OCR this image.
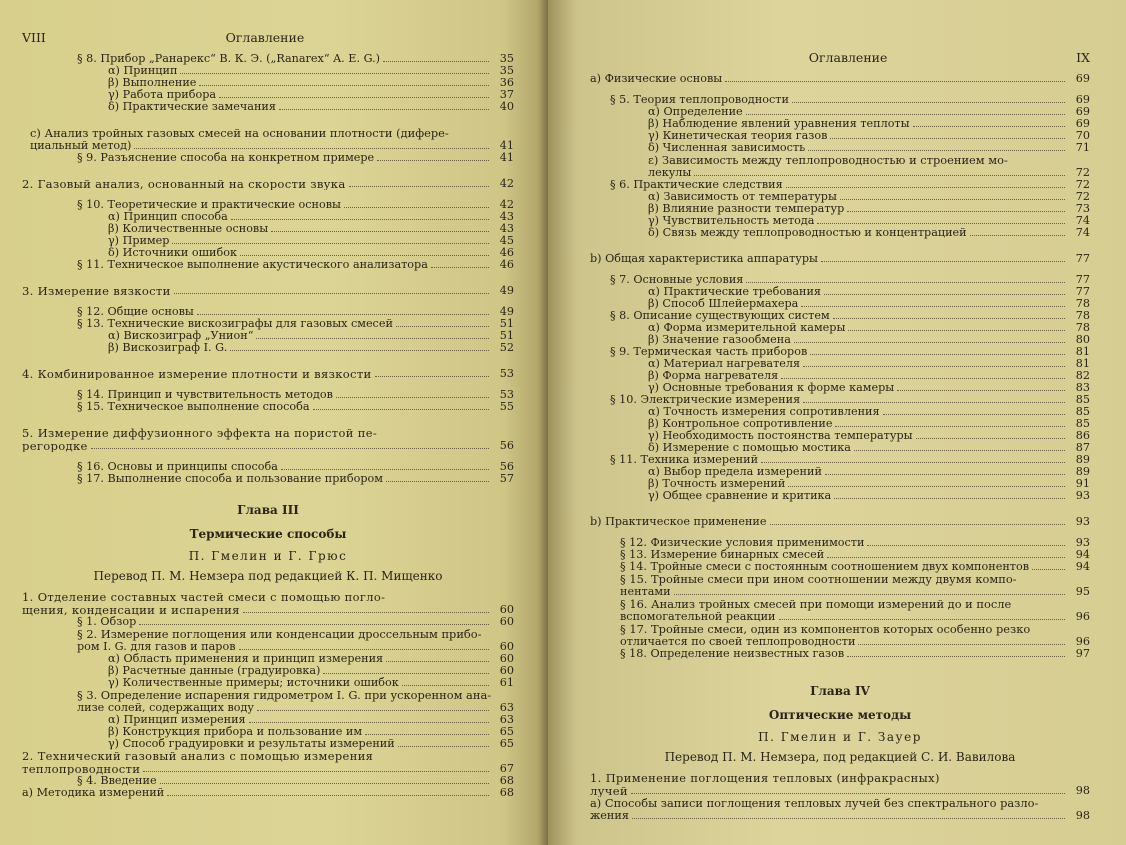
VIII	Оглавление
§ 8. Прибор „Ранарекс“ В. К. Э. („Ranarex“ A. E. G.)	35
α) Принцип	35
β) Выполнение	36
γ) Работа прибора	37
δ) Практические замечания	40
с) Анализ тройных газовых смесей на основании плотности (дифере-
циальный метод)	41
§ 9. Разъяснение способа на конкретном примере	41
2. Газовый анализ, основанный на скорости звука	42
§ 10. Теоретические и практические основы	42
α) Принцип способа	43
β) Количественные основы	43
γ) Пример	45
δ) Источники ошибок	46
§ 11. Техническое выполнение акустического анализатора	46
3. Измерение вязкости	49
§ 12. Общие основы	49
§ 13. Технические вискозиграфы для газовых смесей	51
α) Вискозиграф „Унион“	51
β) Вискозиграф I. G.	52
4. Комбинированное измерение плотности и вязкости	53
§ 14. Принцип и чувствительность методов	53
§ 15. Техническое выполнение способа	55
5. Измерение диффузионного эффекта на пористой пе-
регородке	56
§ 16. Основы и принципы способа	56
§ 17. Выполнение способа и пользование прибором	57
Глава III
Термические способы
П. Гмелин и Г. Грюс
Перевод П. М. Немзера под редакцией К. П. Мищенко
1. Отделение составных частей смеси с помощью погло-
щения, конденсации и испарения	60
§ 1. Обзор	60
§ 2. Измерение поглощения или конденсации дроссельным прибо-
ром I. G. для газов и паров	60
α) Область применения и принцип измерения	60
β) Расчетные данные (градуировка)	60
γ) Количественные примеры; источники ошибок	61
§ 3. Определение испарения гидрометром I. G. при ускоренном ана-
лизе солей, содержащих воду	63
α) Принцип измерения	63
β) Конструкция прибора и пользование им	65
γ) Способ градуировки и результаты измерений	65
2. Технический газовый анализ с помощью измерения
теплопроводности	67
§ 4. Введение	68
а) Методика измерений	68
Оглавление	IX
а) Физические основы	69
§ 5. Теория теплопроводности	69
α) Определение	69
β) Наблюдение явлений уравнения теплоты	69
γ) Кинетическая теория газов	70
δ) Численная зависимость	71
ε) Зависимость между теплопроводностью и строением мо-
лекулы	72
§ 6. Практические следствия	72
α) Зависимость от температуры	72
β) Влияние разности температур	73
γ) Чувствительность метода	74
δ) Связь между теплопроводностью и концентрацией	74
b) Общая характеристика аппаратуры	77
§ 7. Основные условия	77
α) Практические требования	77
β) Способ Шлейермахера	78
§ 8. Описание существующих систем	78
α) Форма измерительной камеры	78
β) Значение газообмена	80
§ 9. Термическая часть приборов	81
α) Материал нагревателя	81
β) Форма нагревателя	82
γ) Основные требования к форме камеры	83
§ 10. Электрические измерения	85
α) Точность измерения сопротивления	85
β) Контрольное сопротивление	85
γ) Необходимость постоянства температуры	86
δ) Измерение с помощью мостика	87
§ 11. Техника измерений	89
α) Выбор предела измерений	89
β) Точность измерений	91
γ) Общее сравнение и критика	93
b) Практическое применение	93
§ 12. Физические условия применимости	93
§ 13. Измерение бинарных смесей	94
§ 14. Тройные смеси с постоянным соотношением двух компонентов	94
§ 15. Тройные смеси при ином соотношении между двумя компо-
нентами	95
§ 16. Анализ тройных смесей при помощи измерений до и после
вспомогательной реакции	96
§ 17. Тройные смеси, один из компонентов которых особенно резко
отличается по своей теплопроводности	96
§ 18. Определение неизвестных газов	97
Глава IV
Оптические методы
П. Гмелин и Г. Зауер
Перевод П. М. Немзера, под редакцией С. И. Вавилова
1. Применение поглощения тепловых (инфракрасных)
лучей	98
а) Способы записи поглощения тепловых лучей без спектрального разло-
жения	98
